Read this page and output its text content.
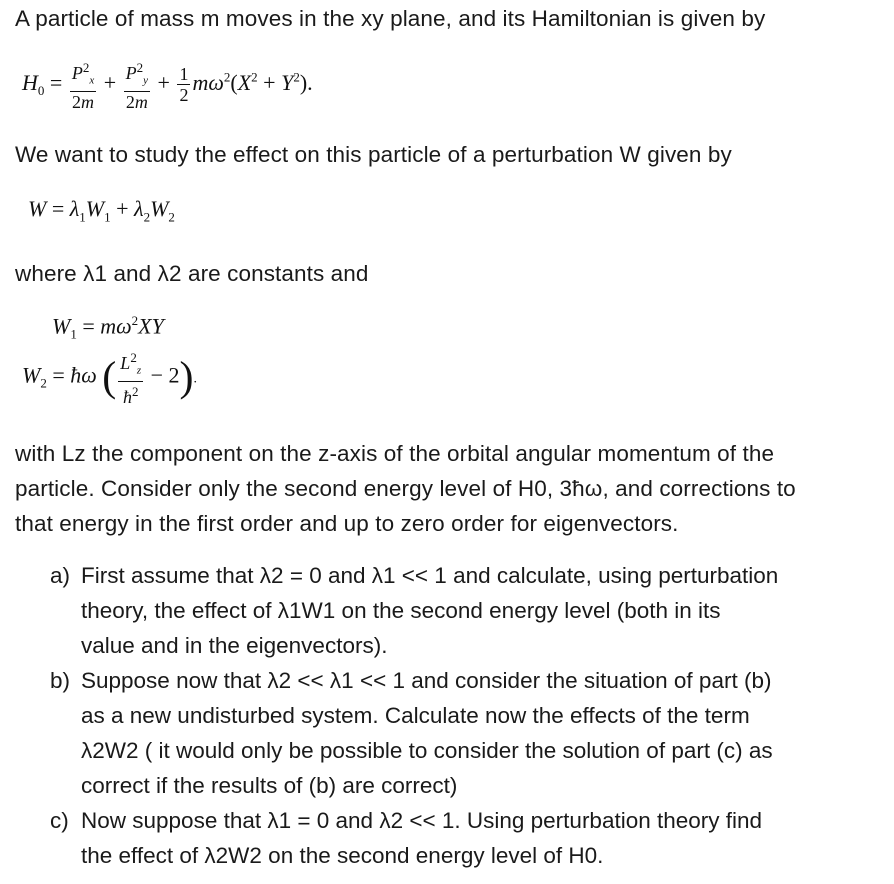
A particle of mass m moves in the xy plane, and its Hamiltonian is given by
$H_0 = \frac{P^2_x}{2m} + \frac{P^2_y}{2m} + \frac{1}{2} m\omega^2(X^2 + Y^2)$.
We want to study the effect on this particle of a perturbation W given by
$W = \lambda_1W_1 + \lambda_2W_2$
where λ1 and λ2 are constants and
$W_1 = m\omega^2XY$
$W_2$ = ħω ( $\frac{L^2_z}{ħ^2} - 2$).
with Lz the component on the z-axis of the orbital angular momentum of the
particle. Consider only the second energy level of H0, 3ħω, and corrections to
that energy in the first order and up to zero order for eigenvectors.
a) First assume that λ2 = 0 and λ1 << 1 and calculate, using perturbation
theory, the effect of λ1W1 on the second energy level (both in its
value and in the eigenvectors).
b) Suppose now that λ2 << λ1 << 1 and consider the situation of part (b)
as a new undisturbed system. Calculate now the effects of the term
λ2W2 ( it would only be possible to consider the solution of part (c) as
correct if the results of (b) are correct)
c) Now suppose that λ1 = 0 and λ2 << 1. Using perturbation theory find
the effect of λ2W2 on the second energy level of H0.
